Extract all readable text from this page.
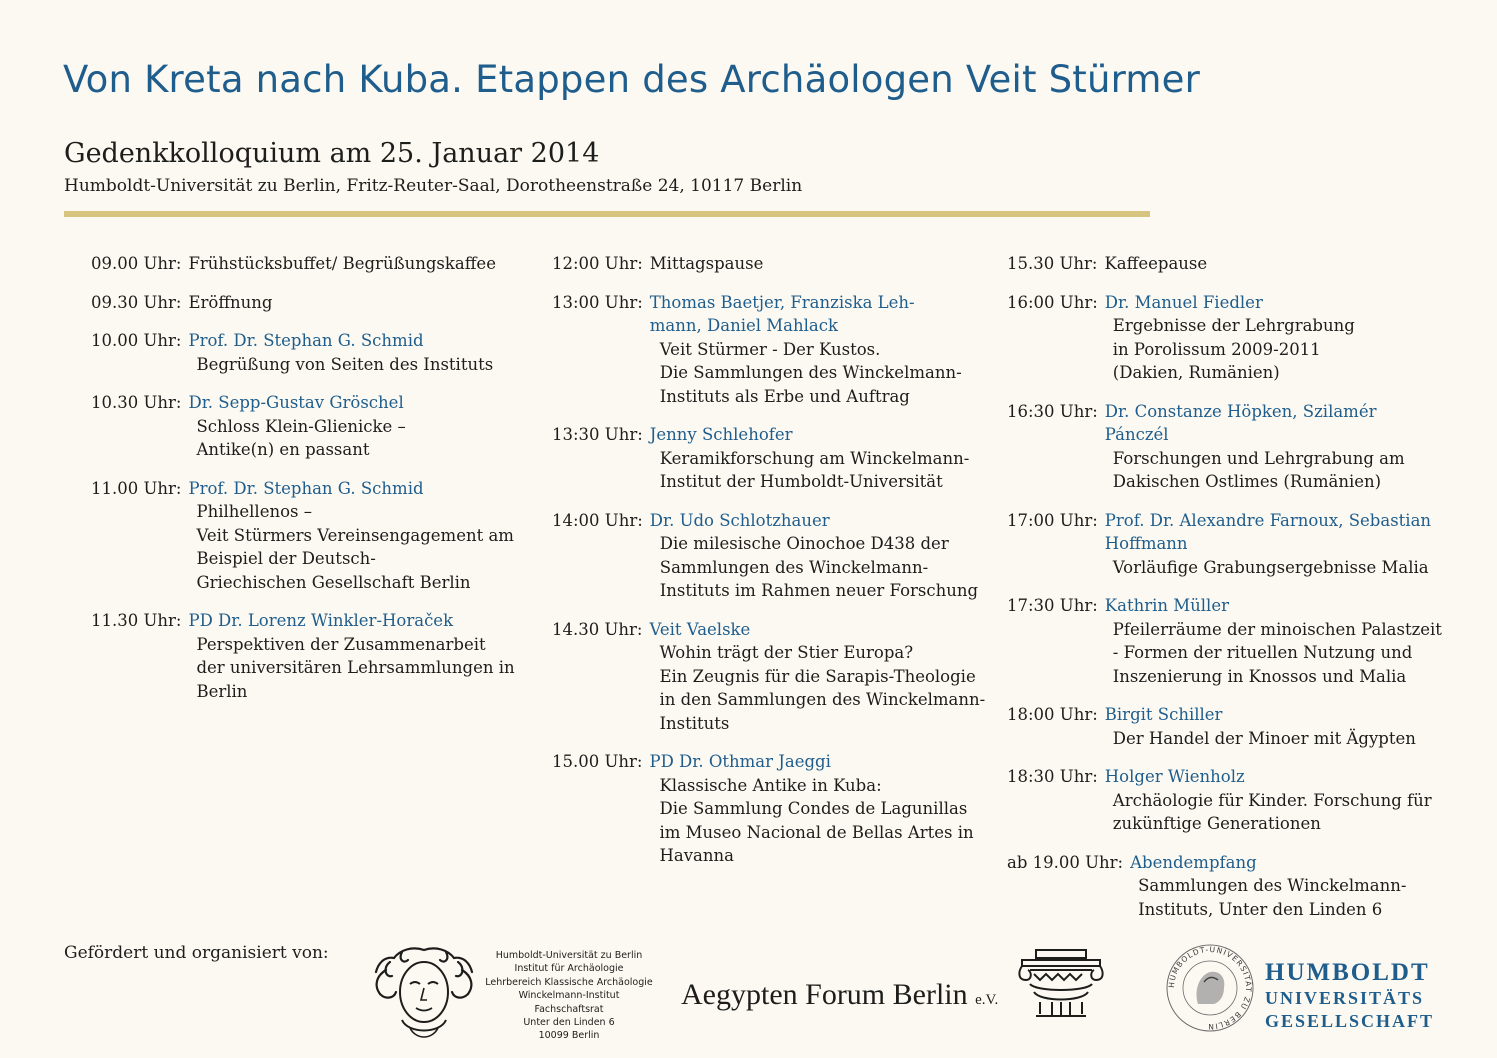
Von Kreta nach Kuba. Etappen des Archäologen Veit Stürmer
Gedenkkolloquium am 25. Januar 2014
Humboldt-Universität zu Berlin, Fritz-Reuter-Saal, Dorotheenstraße 24, 10117 Berlin
09.00 Uhr: Frühstücksbuffet/ Begrüßungskaffee
09.30 Uhr: Eröffnung
10.00 Uhr: Prof. Dr. Stephan G. Schmid
Begrüßung von Seiten des Instituts
10.30 Uhr: Dr. Sepp-Gustav Gröschel
Schloss Klein-Glienicke –
Antike(n) en passant
11.00 Uhr: Prof. Dr. Stephan G. Schmid
Philhellenos –
Veit Stürmers Vereinsengagement am
Beispiel der Deutsch-
Griechischen Gesellschaft Berlin
11.30 Uhr: PD Dr. Lorenz Winkler-Horaček
Perspektiven der Zusammenarbeit
der universitären Lehrsammlungen in
Berlin
12:00 Uhr: Mittagspause
13:00 Uhr: Thomas Baetjer, Franziska Leh-
mann, Daniel Mahlack
Veit Stürmer - Der Kustos.
Die Sammlungen des Winckelmann-
Instituts als Erbe und Auftrag
13:30 Uhr: Jenny Schlehofer
Keramikforschung am Winckelmann-
Institut der Humboldt-Universität
14:00 Uhr: Dr. Udo Schlotzhauer
Die milesische Oinochoe D438 der
Sammlungen des Winckelmann-
Instituts im Rahmen neuer Forschung
14.30 Uhr: Veit Vaelske
Wohin trägt der Stier Europa?
Ein Zeugnis für die Sarapis-Theologie
in den Sammlungen des Winckelmann-
Instituts
15.00 Uhr: PD Dr. Othmar Jaeggi
Klassische Antike in Kuba:
Die Sammlung Condes de Lagunillas
im Museo Nacional de Bellas Artes in
Havanna
15.30 Uhr: Kaffeepause
16:00 Uhr: Dr. Manuel Fiedler
Ergebnisse der Lehrgrabung
in Porolissum 2009-2011
(Dakien, Rumänien)
16:30 Uhr: Dr. Constanze Höpken, Szilamér
Pánczél
Forschungen und Lehrgrabung am
Dakischen Ostlimes (Rumänien)
17:00 Uhr: Prof. Dr. Alexandre Farnoux, Sebastian
Hoffmann
Vorläufige Grabungsergebnisse Malia
17:30 Uhr: Kathrin Müller
Pfeilerräume der minoischen Palastzeit
- Formen der rituellen Nutzung und
Inszenierung in Knossos und Malia
18:00 Uhr: Birgit Schiller
Der Handel der Minoer mit Ägypten
18:30 Uhr: Holger Wienholz
Archäologie für Kinder. Forschung für
zukünftige Generationen
ab 19.00 Uhr: Abendempfang
Sammlungen des Winckelmann-
Instituts, Unter den Linden 6
Gefördert und organisiert von:	Humboldt-Universität zu Berlin
Institut für Archäologie
Lehrbereich Klassische Archäologie
Winckelmann-Institut
Fachschaftsrat
Unter den Linden 6
10099 Berlin
Aegypten Forum Berlin e.V.
HUMBOLDT-UNIVERSITÄT ZU BERLIN
HUMBOLDT
UNIVERSITÄTS
GESELLSCHAFT
